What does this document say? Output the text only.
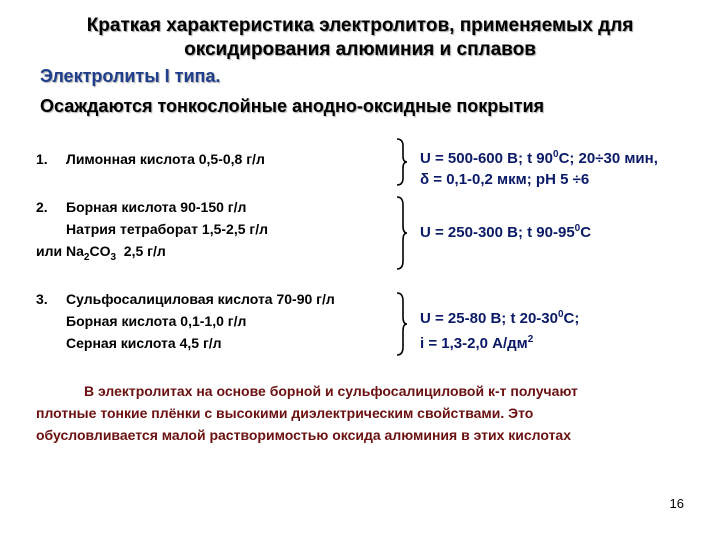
Краткая характеристика электролитов, применяемых для
оксидирования алюминия и сплавов
Электролиты I типа.
Осаждаются тонкослойные анодно-оксидные покрытия
1. Лимонная кислота 0,5-0,8 г/л	U = 500-600 В; t $90^0С$; 20÷30 мин,
δ = 0,1-0,2 мкм; рН 5 ÷6
2. Борная кислота 90-150 г/л
Натрия тетраборат 1,5-2,5 г/л
или $Na_2CO_3$  2,5 г/л
U = 250-300 В; t $90-95^0С$
3. Сульфосалициловая кислота 70-90 г/л
Борная кислота 0,1-1,0 г/л
Серная кислота 4,5 г/л
U = 25-80 В; t $20-30^0С$;
i = 1,3-2,0 $А/дм^2$
В электролитах на основе борной и сульфосалициловой к-т получают
плотные тонкие плёнки с высокими диэлектрическим свойствами. Это
обусловливается малой растворимостью оксида алюминия в этих кислотах
16
